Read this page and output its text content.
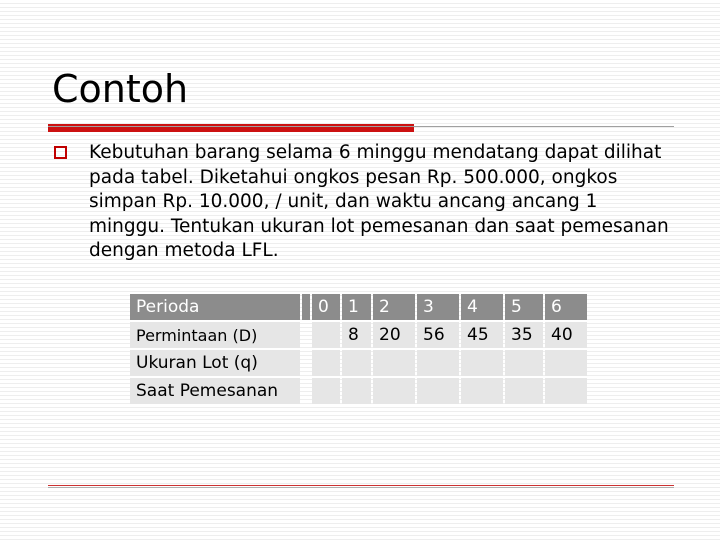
Contoh
Kebutuhan barang selama 6 minggu mendatang dapat dilihat pada tabel. Diketahui ongkos pesan Rp. 500.000, ongkos simpan Rp. 10.000, / unit, dan waktu ancang ancang 1 minggu. Tentukan ukuran lot pemesanan dan saat pemesanan dengan metoda LFL.
Perioda		0	1	2	3	4	5	6
Permintaan (D)			8	20	56	45	35	40
Ukuran Lot (q)								
Saat Pemesanan								
